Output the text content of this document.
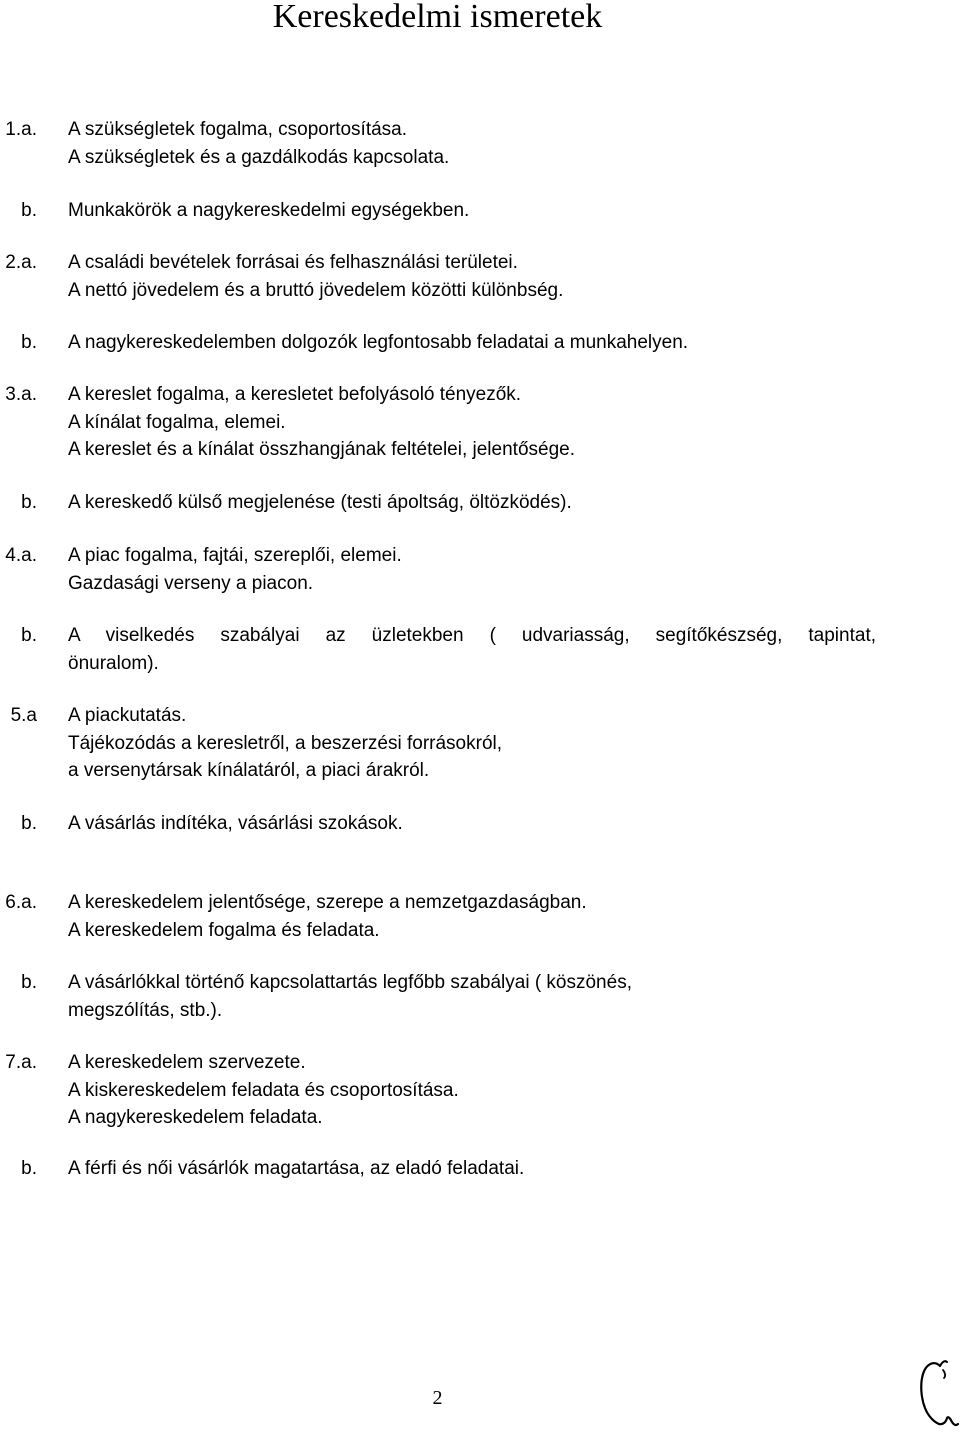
Kereskedelmi ismeretek
1.a. A szükségletek fogalma, csoportosítása.
A szükségletek és a gazdálkodás kapcsolata.
b. Munkakörök a nagykereskedelmi egységekben.
2.a. A családi bevételek forrásai és felhasználási területei.
A nettó jövedelem és a bruttó jövedelem közötti különbség.
b. A nagykereskedelemben dolgozók legfontosabb feladatai a munkahelyen.
3.a. A kereslet fogalma, a keresletet befolyásoló tényezők.
A kínálat fogalma, elemei.
A kereslet és a kínálat összhangjának feltételei, jelentősége.
b. A kereskedő külső megjelenése (testi ápoltság, öltözködés).
4.a. A piac fogalma, fajtái, szereplői, elemei.
Gazdasági verseny a piacon.
b. A viselkedés szabályai az üzletekben ( udvariasság, segítőkészség, tapintat,
önuralom).
5.a A piackutatás.
Tájékozódás a keresletről, a beszerzési forrásokról,
a versenytársak kínálatáról, a piaci árakról.
b. A vásárlás indítéka, vásárlási szokások.
6.a. A kereskedelem jelentősége, szerepe a nemzetgazdaságban.
A kereskedelem fogalma és feladata.
b. A vásárlókkal történő kapcsolattartás legfőbb szabályai ( köszönés,
megszólítás, stb.).
7.a. A kereskedelem szervezete.
A kiskereskedelem feladata és csoportosítása.
A nagykereskedelem feladata.
b. A férfi és női vásárlók magatartása, az eladó feladatai.
2
